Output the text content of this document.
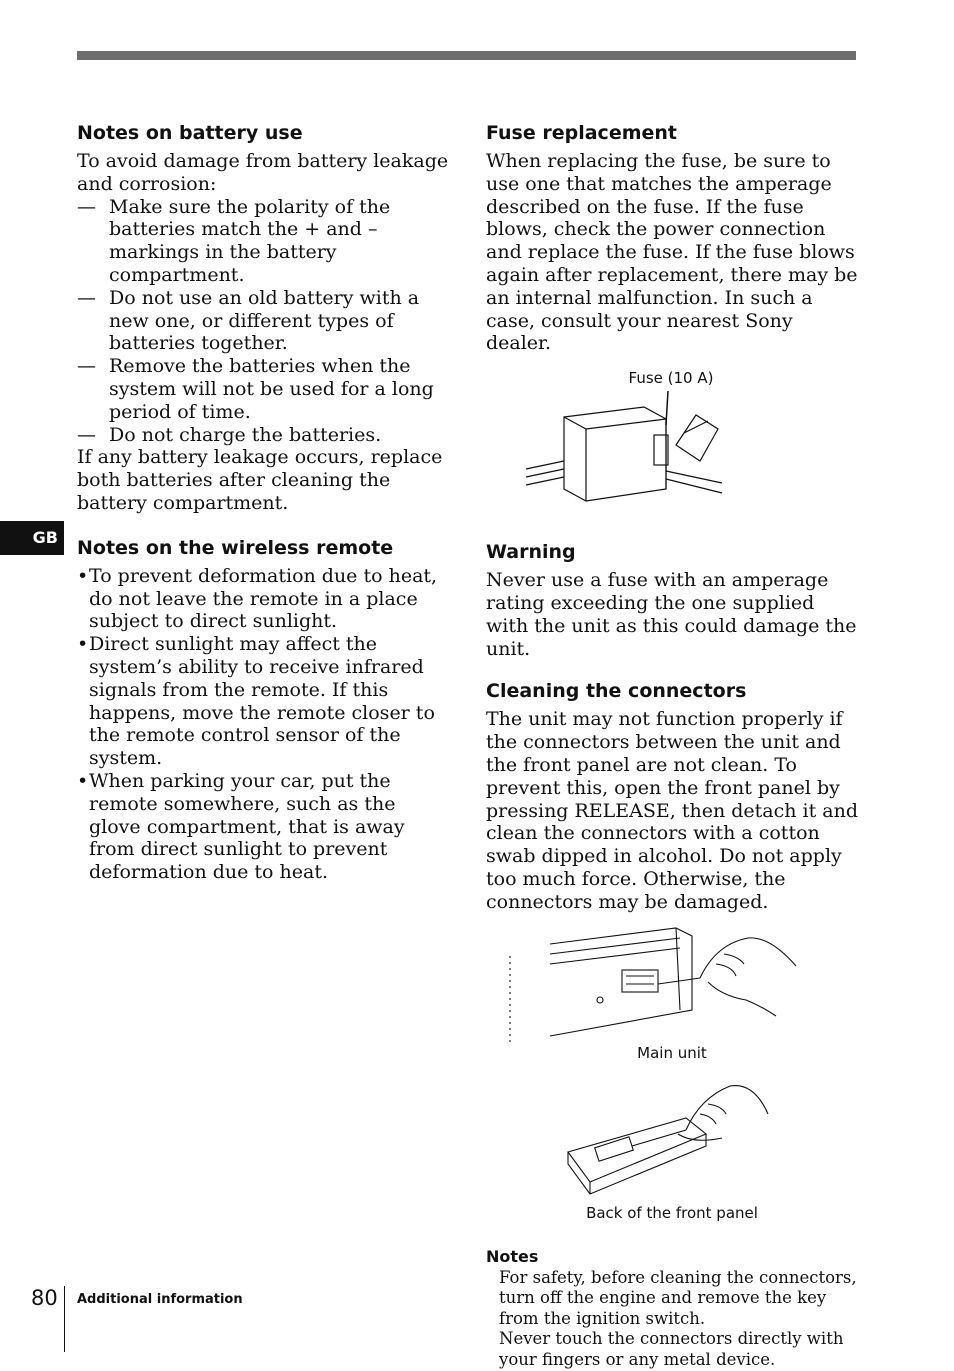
GB
Notes on battery use

To avoid damage from battery leakage and corrosion:

— Make sure the polarity of the batteries match the + and – markings in the battery compartment.
— Do not use an old battery with a new one, or different types of batteries together.
— Remove the batteries when the system will not be used for a long period of time.
— Do not charge the batteries.

If any battery leakage occurs, replace both batteries after cleaning the battery compartment.

Notes on the wireless remote
• To prevent deformation due to heat, do not leave the remote in a place subject to direct sunlight.
• Direct sunlight may affect the system’s ability to receive infrared signals from the remote. If this happens, move the remote closer to the remote control sensor of the system.
• When parking your car, put the remote somewhere, such as the glove compartment, that is away from direct sunlight to prevent deformation due to heat.
Fuse replacement

When replacing the fuse, be sure to use one that matches the amperage described on the fuse. If the fuse blows, check the power connection and replace the fuse. If the fuse blows again after replacement, there may be an internal malfunction. In such a case, consult your nearest Sony dealer.

Fuse (10 A)
Warning

Never use a fuse with an amperage rating exceeding the one supplied with the unit as this could damage the unit.

Cleaning the connectors

The unit may not function properly if the connectors between the unit and the front panel are not clean. To prevent this, open the front panel by pressing RELEASE, then detach it and clean the connectors with a cotton swab dipped in alcohol. Do not apply too much force. Otherwise, the connectors may be damaged.

Main unit
Back of the front panel
Notes

For safety, before cleaning the connectors, turn off the engine and remove the key from the ignition switch.

Never touch the connectors directly with your fingers or any metal device.

80 Additional information
